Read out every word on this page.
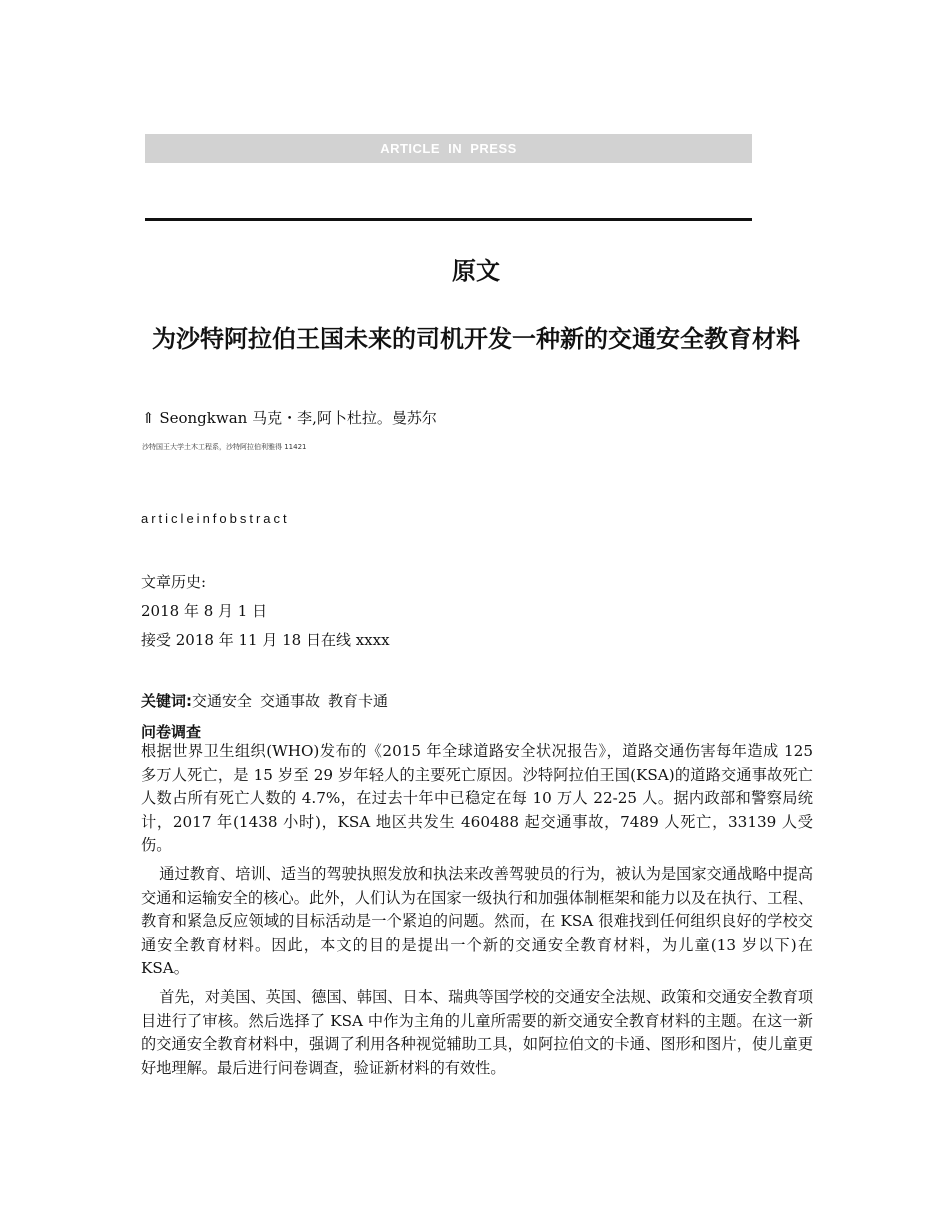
ARTICLE IN PRESS
原文
为沙特阿拉伯王国未来的司机开发一种新的交通安全教育材料
⇑ Seongkwan 马克・李,阿卜杜拉。曼苏尔
沙特国王大学土木工程系，沙特阿拉伯利雅得 11421
articleinfobstract
文章历史:
2018 年 8 月 1 日
接受 2018 年 11 月 18 日在线 xxxx
关键词:交通安全 交通事故 教育卡通
问卷调查

根据世界卫生组织(WHO)发布的《2015 年全球道路安全状况报告》，道路交通伤害每年造成 125 多万人死亡，是 15 岁至 29 岁年轻人的主要死亡原因。沙特阿拉伯王国(KSA)的道路交通事故死亡人数占所有死亡人数的 4.7%，在过去十年中已稳定在每 10 万人 22-25 人。据内政部和警察局统计，2017 年(1438 小时)，KSA 地区共发生 460488 起交通事故，7489 人死亡，33139 人受伤。

通过教育、培训、适当的驾驶执照发放和执法来改善驾驶员的行为，被认为是国家交通战略中提高交通和运输安全的核心。此外，人们认为在国家一级执行和加强体制框架和能力以及在执行、工程、教育和紧急反应领域的目标活动是一个紧迫的问题。然而，在 KSA 很难找到任何组织良好的学校交通安全教育材料。因此，本文的目的是提出一个新的交通安全教育材料，为儿童(13 岁以下)在 KSA。

首先，对美国、英国、德国、韩国、日本、瑞典等国学校的交通安全法规、政策和交通安全教育项目进行了审核。然后选择了 KSA 中作为主角的儿童所需要的新交通安全教育材料的主题。在这一新的交通安全教育材料中，强调了利用各种视觉辅助工具，如阿拉伯文的卡通、图形和图片，使儿童更好地理解。最后进行问卷调查，验证新材料的有效性。
